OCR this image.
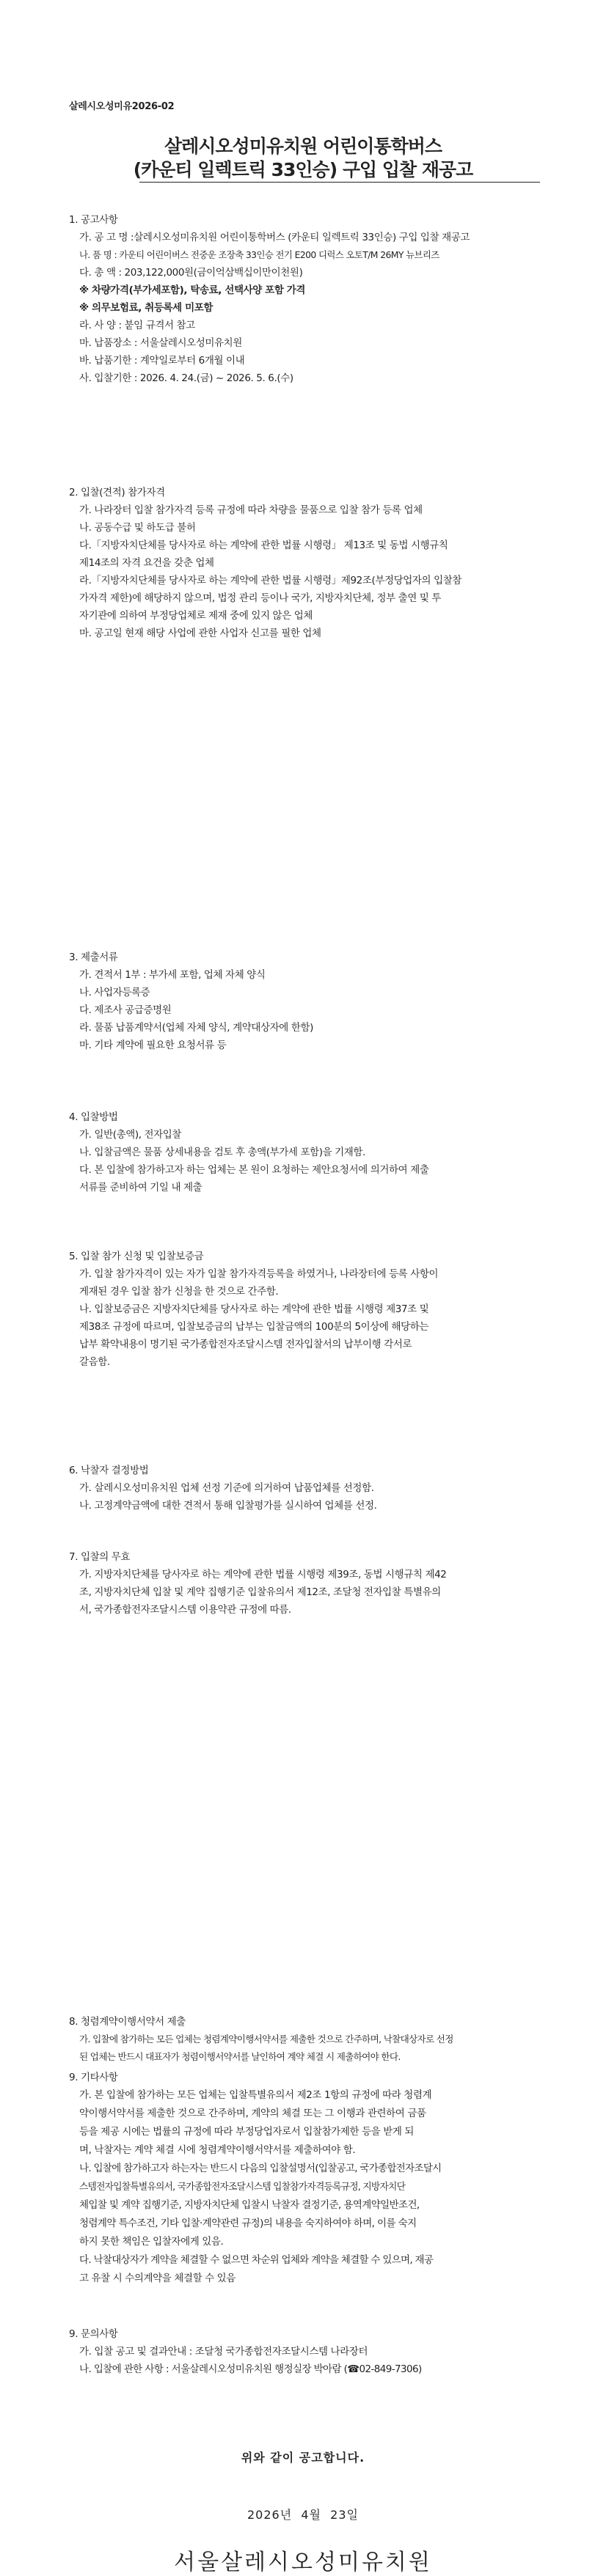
살레시오성미유2026-02
살레시오성미유치원 어린이통학버스
(카운티 일렉트릭 33인승) 구입 입찰 재공고

1. 공고사항

가. 공 고 명 :살레시오성미유치원 어린이통학버스 (카운티 일렉트릭 33인승) 구입 입찰 재공고

나. 품 명 : 카운티 어린이버스 전중운 조장축 33인승 전기 E200 디럭스 오토T/M 26MY 뉴브리즈

다. 총 액 : 203,122,000원(금이억삼백십이만이천원)

※ 차량가격(부가세포함), 탁송료, 선택사양 포함 가격

※ 의무보험료, 취등록세 미포함

라. 사 양 : 붙임 규격서 참고

마. 납품장소 : 서울살레시오성미유치원

바. 납품기한 : 계약일로부터 6개월 이내

사. 입찰기한 : 2026. 4. 24.(금) ~ 2026. 5. 6.(수)

2. 입찰(견적) 참가자격

가. 나라장터 입찰 참가자격 등록 규정에 따라 차량을 물품으로 입찰 참가 등록 업체

나. 공동수급 및 하도급 불허

다.「지방자치단체를 당사자로 하는 계약에 관한 법률 시행령」 제13조 및 동법 시행규칙

제14조의 자격 요건을 갖춘 업체

라.「지방자치단체를 당사자로 하는 계약에 관한 법률 시행령」제92조(부정당업자의 입찰참

가자격 제한)에 해당하지 않으며, 법정 관리 등이나 국가, 지방자치단체, 정부 출연 및 투

자기관에 의하여 부정당업체로 제재 중에 있지 않은 업체

마. 공고일 현재 해당 사업에 관한 사업자 신고를 필한 업체

3. 제출서류

가. 견적서 1부 : 부가세 포함, 업체 자체 양식

나. 사업자등록증

다. 제조사 공급증명원

라. 물품 납품계약서(업체 자체 양식, 계약대상자에 한함)

마. 기타 계약에 필요한 요청서류 등

4. 입찰방법

가. 일반(총액), 전자입찰

나. 입찰금액은 물품 상세내용을 검토 후 총액(부가세 포함)을 기재함.

다. 본 입찰에 참가하고자 하는 업체는 본 원이 요청하는 제안요청서에 의거하여 제출

서류를 준비하여 기일 내 제출

5. 입찰 참가 신청 및 입찰보증금

가. 입찰 참가자격이 있는 자가 입찰 참가자격등록을 하였거나, 나라장터에 등록 사항이

게재된 경우 입찰 참가 신청을 한 것으로 간주함.

나. 입찰보증금은 지방자치단체를 당사자로 하는 계약에 관한 법률 시행령 제37조 및

제38조 규정에 따르며, 입찰보증금의 납부는 입찰금액의 100분의 5이상에 해당하는

납부 확약내용이 명기된 국가종합전자조달시스템 전자입찰서의 납부이행 각서로

갈음함.

6. 낙찰자 결정방법

가. 살레시오성미유치원 업체 선정 기준에 의거하여 납품업체를 선정함.

나. 고정계약금액에 대한 견적서 통해 입찰평가를 실시하여 업체를 선정.

7. 입찰의 무효

가. 지방자치단체를 당사자로 하는 계약에 관한 법률 시행령 제39조, 동법 시행규칙 제42

조, 지방자치단체 입찰 및 계약 집행기준 입찰유의서 제12조, 조달청 전자입찰 특별유의

서, 국가종합전자조달시스템 이용약관 규정에 따름.

8. 청렴계약이행서약서 제출

가. 입찰에 참가하는 모든 업체는 청렴계약이행서약서를 제출한 것으로 간주하며, 낙찰대상자로 선정

된 업체는 반드시 대표자가 청렴이행서약서를 날인하여 계약 체결 시 제출하여야 한다.

9. 기타사항

가. 본 입찰에 참가하는 모든 업체는 입찰특별유의서 제2조 1항의 규정에 따라 청렴계

약이행서약서를 제출한 것으로 간주하며, 계약의 체결 또는 그 이행과 관련하여 금품

등을 제공 시에는 법률의 규정에 따라 부정당업자로서 입찰참가제한 등을 받게 되

며, 낙찰자는 계약 체결 시에 청렴계약이행서약서를 제출하여야 함.

나. 입찰에 참가하고자 하는자는 반드시 다음의 입찰설명서(입찰공고, 국가종합전자조달시

스템전자입찰특별유의서, 국가종합전자조달시스템 입찰참가자격등록규정, 지방자치단

체입찰 및 계약 집행기준, 지방자치단체 입찰시 낙찰자 결정기준, 용역계약일반조건,

청렴계약 특수조건, 기타 입찰·계약관련 규정)의 내용을 숙지하여야 하며, 이를 숙지

하지 못한 책임은 입찰자에게 있음.

다. 낙찰대상자가 계약을 체결할 수 없으면 차순위 업체와 계약을 체결할 수 있으며, 재공

고 유찰 시 수의계약을 체결할 수 있음

9. 문의사항

가. 입찰 공고 및 결과안내 : 조달청 국가종합전자조달시스템 나라장터

나. 입찰에 관한 사항 : 서울살레시오성미유치원 행정실장 박아람 (☎02-849-7306)

위와 같이 공고합니다.
2026년  4월  23일
서울살레시오성미유치원
